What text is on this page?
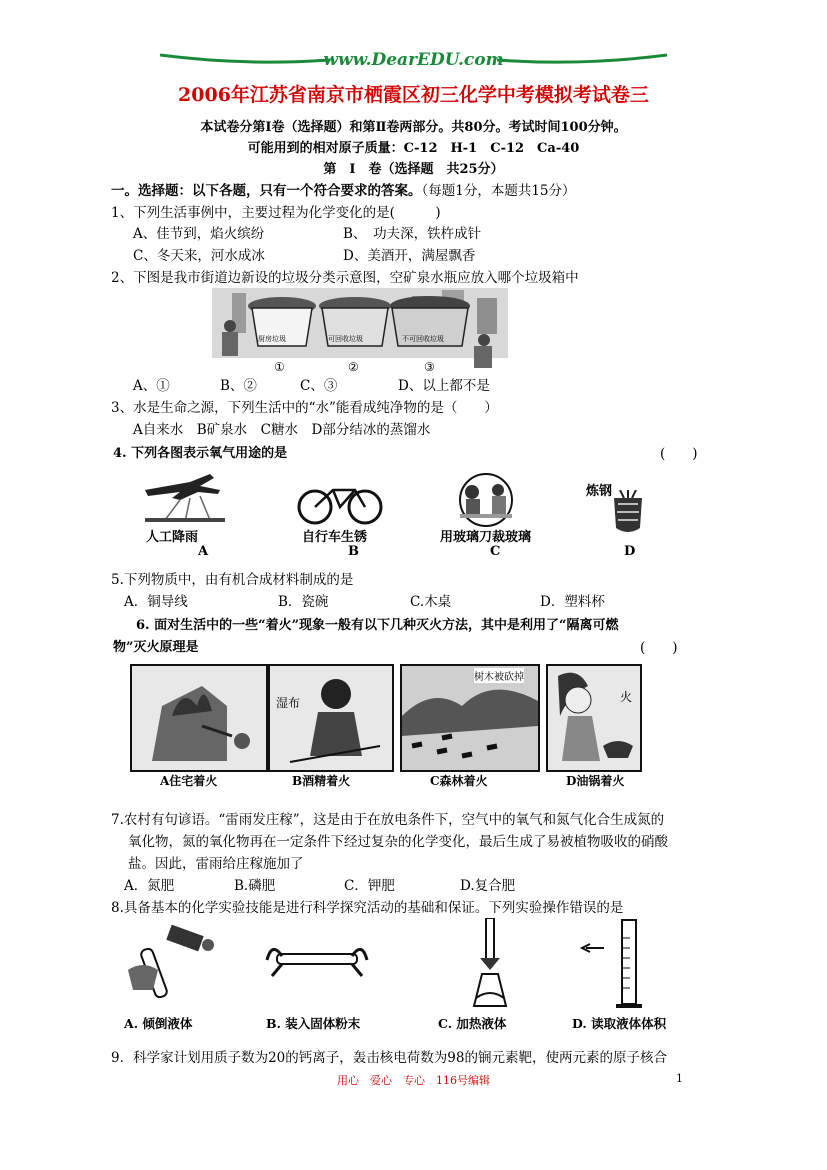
www.DearEDU.com
2006年江苏省南京市栖霞区初三化学中考模拟考试卷三
本试卷分第Ⅰ卷（选择题）和第Ⅱ卷两部分。共80分。考试时间100分钟。
可能用到的相对原子质量：C-12　H-1　C-12　Ca-40
第　Ⅰ　卷（选择题　共25分）
一。选择题：以下各题，只有一个符合要求的答案。（每题1分，本题共15分）
1、下列生活事例中，主要过程为化学变化的是(　　　)
A、佳节到，焰火缤纷	B、　功夫深，铁杵成针
C、冬天来，河水成冰	D、美酒开，满屋飘香
2、下图是我市街道边新设的垃圾分类示意图，空矿泉水瓶应放入哪个垃圾箱中
厨房垃圾	可回收垃圾	不可回收垃圾
①	②	③
A、①	B、②	C、③	D、以上都不是
3、水是生命之源，下列生活中的“水”能看成纯净物的是（　　）
A自来水　B矿泉水　C糖水　D部分结冰的蒸馏水
4. 下列各图表示氧气用途的是	(　　)
人工降雨	自行车生锈	用玻璃刀裁玻璃
炼钢
A	B	C	D
5.下列物质中，由有机合成材料制成的是
A．铜导线	B．瓷碗	C.木桌	D．塑料杯
6. 面对生活中的一些“着火”现象一般有以下几种灭火方法，其中是利用了“隔离可燃
物”灭火原理是	(　　)
湿布
树木被砍掉
火
A住宅着火	B酒精着火	C森林着火	D油锅着火
7.农村有句谚语。“雷雨发庄稼”，这是由于在放电条件下，空气中的氧气和氮气化合生成氮的
氧化物，氮的氧化物再在一定条件下经过复杂的化学变化，最后生成了易被植物吸收的硝酸
盐。因此，雷雨给庄稼施加了
A．氮肥	B.磷肥	C．钾肥	D.复合肥
8.具备基本的化学实验技能是进行科学探究活动的基础和保证。下列实验操作错误的是
A. 倾倒液体	B. 装入固体粉末	C. 加热液体	D. 读取液体体积
9．科学家计划用质子数为20的钙离子，轰击核电荷数为98的锎元素靶，使两元素的原子核合
用心　爱心　专心　116号编辑	1
